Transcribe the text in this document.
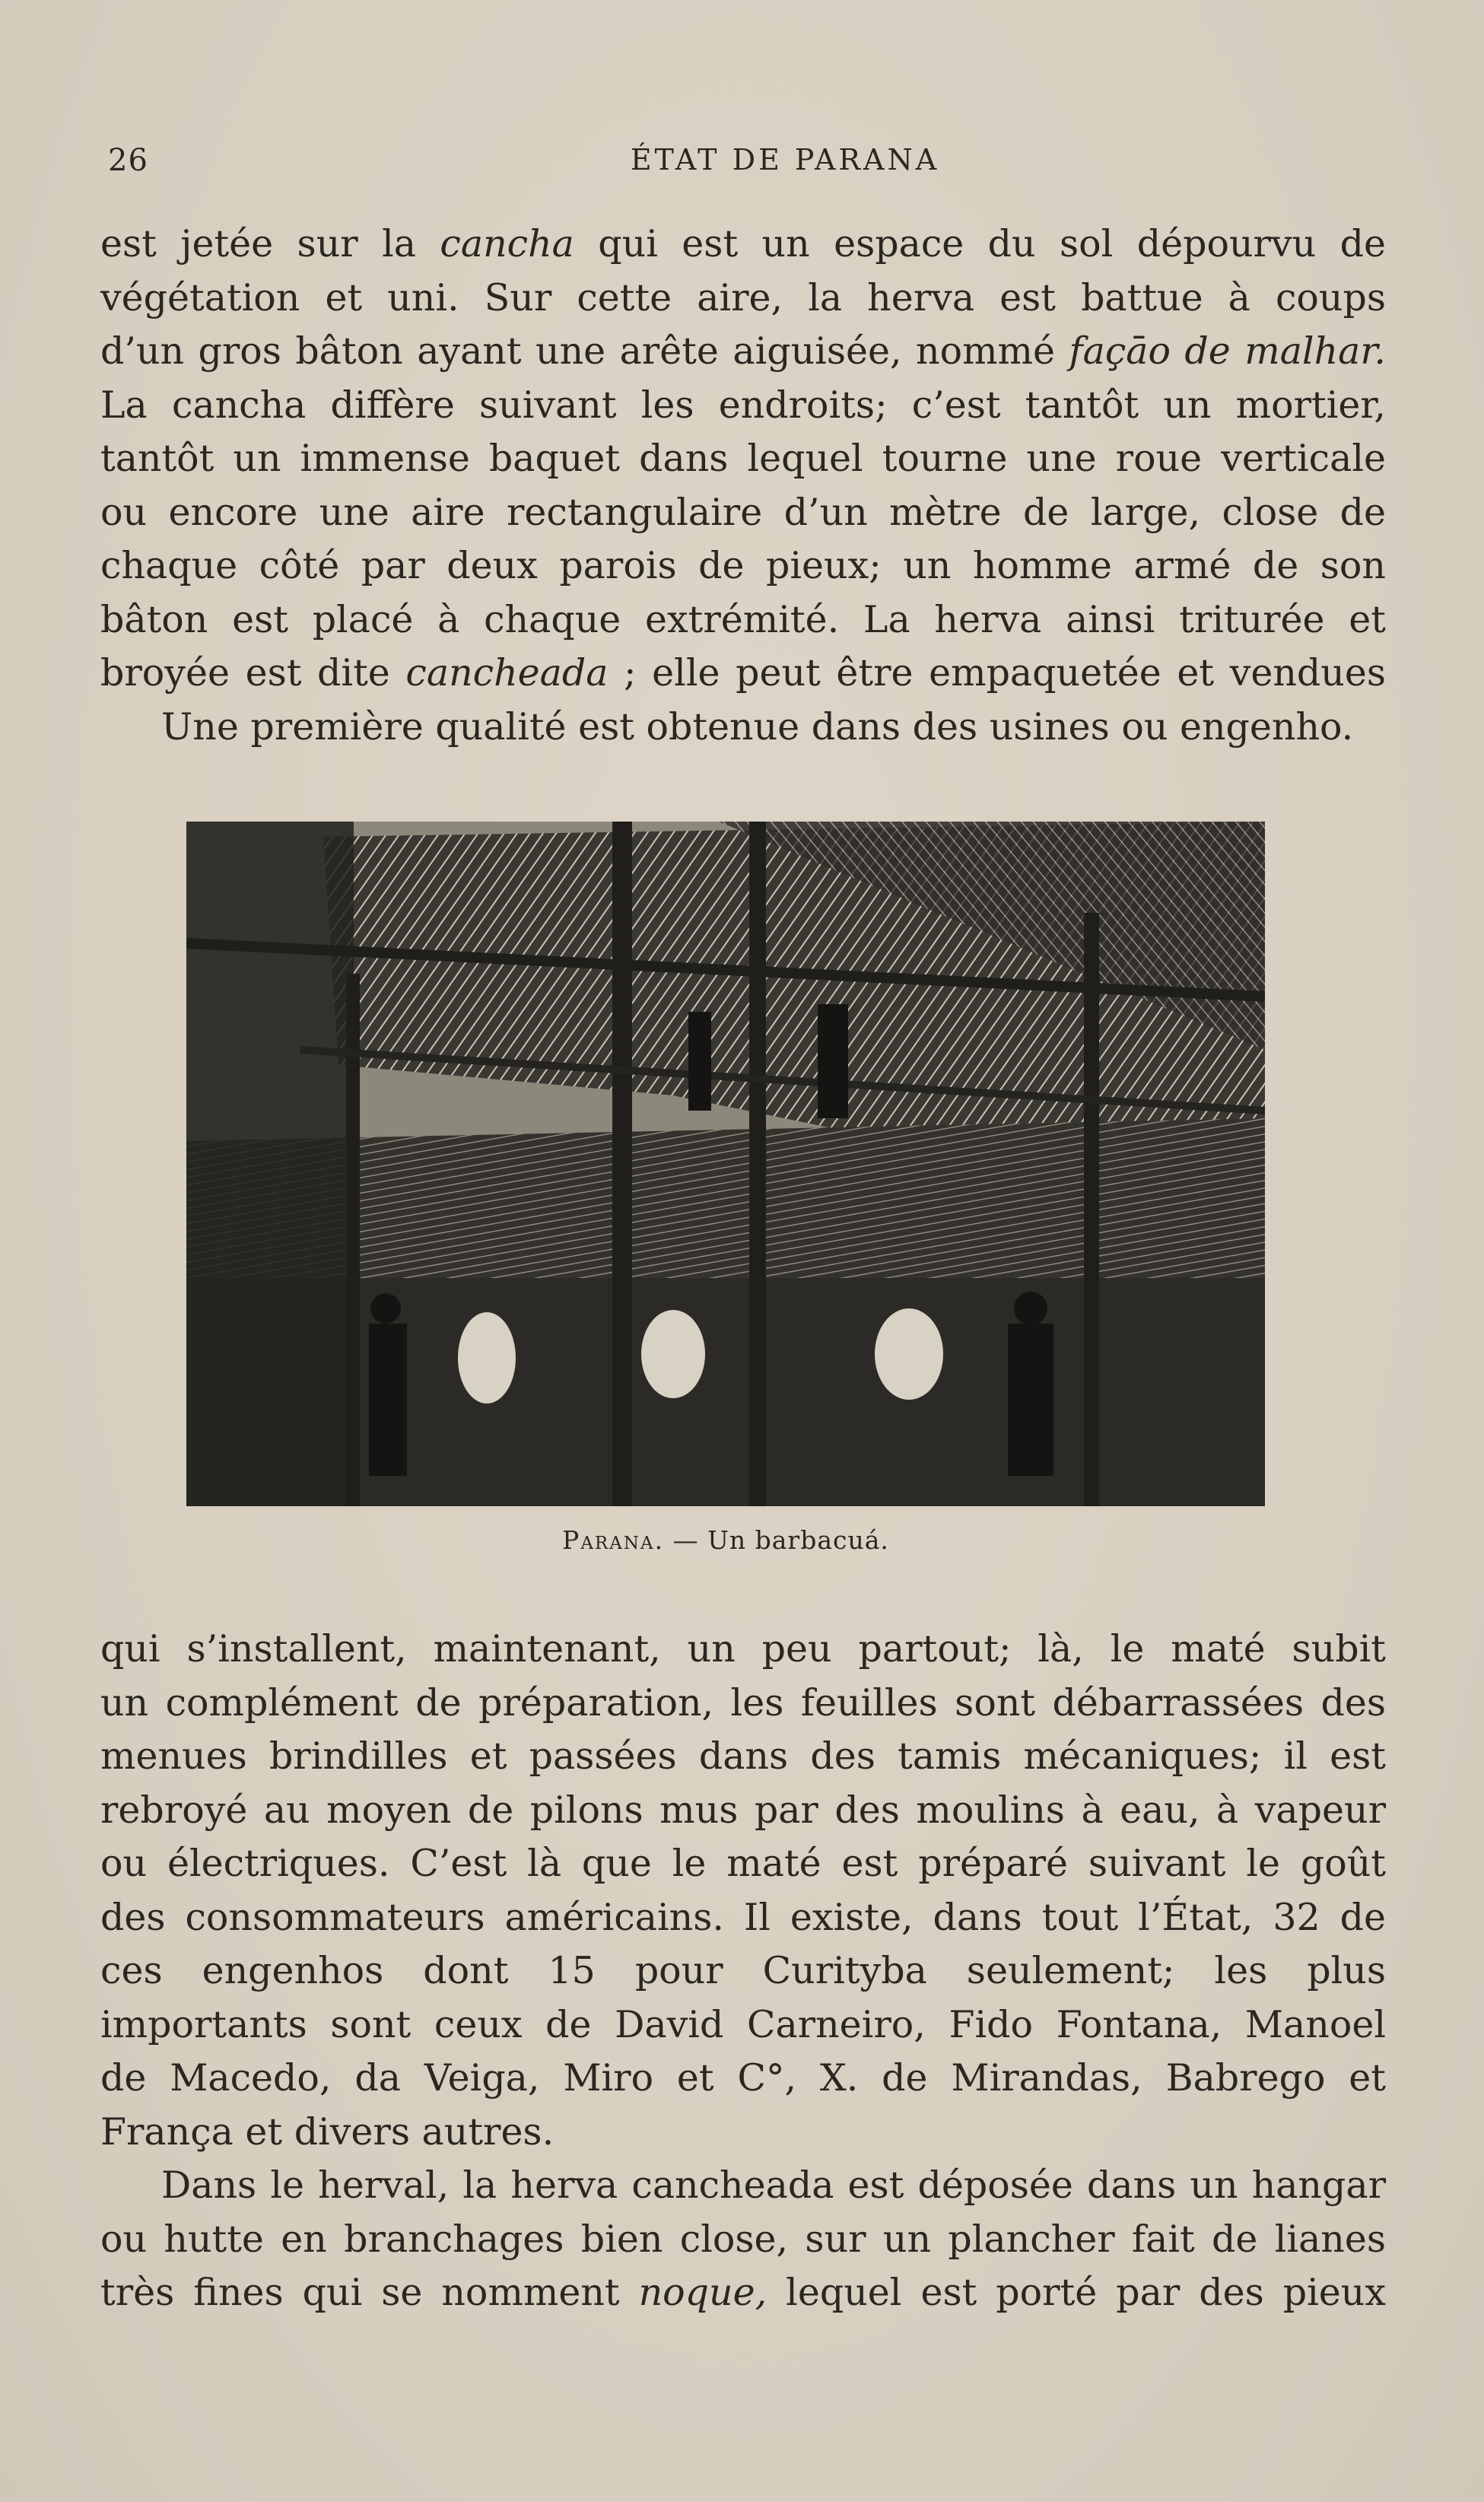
26	ÉTAT DE PARANA
est jetée sur la cancha qui est un espace du sol dépourvu de
végétation et uni. Sur cette aire, la herva est battue à coups
d’un gros bâton ayant une arête aiguisée, nommé façāo de malhar.
La cancha diffère suivant les endroits; c’est tantôt un mortier,
tantôt un immense baquet dans lequel tourne une roue verticale
ou encore une aire rectangulaire d’un mètre de large, close de
chaque côté par deux parois de pieux; un homme armé de son
bâton est placé à chaque extrémité. La herva ainsi triturée et
broyée est dite cancheada ; elle peut être empaquetée et vendues
Une première qualité est obtenue dans des usines ou engenho.
Parana. — Un barbacuá.
qui s’installent, maintenant, un peu partout; là, le maté subit
un complément de préparation, les feuilles sont débarrassées des
menues brindilles et passées dans des tamis mécaniques; il est
rebroyé au moyen de pilons mus par des moulins à eau, à vapeur
ou électriques. C’est là que le maté est préparé suivant le goût
des consommateurs américains. Il existe, dans tout l’État, 32 de
ces engenhos dont 15 pour Curityba seulement; les plus
importants sont ceux de David Carneiro, Fido Fontana, Manoel
de Macedo, da Veiga, Miro et C°, X. de Mirandas, Babrego et
França et divers autres.
Dans le herval, la herva cancheada est déposée dans un hangar
ou hutte en branchages bien close, sur un plancher fait de lianes
très fines qui se nomment noque, lequel est porté par des pieux
